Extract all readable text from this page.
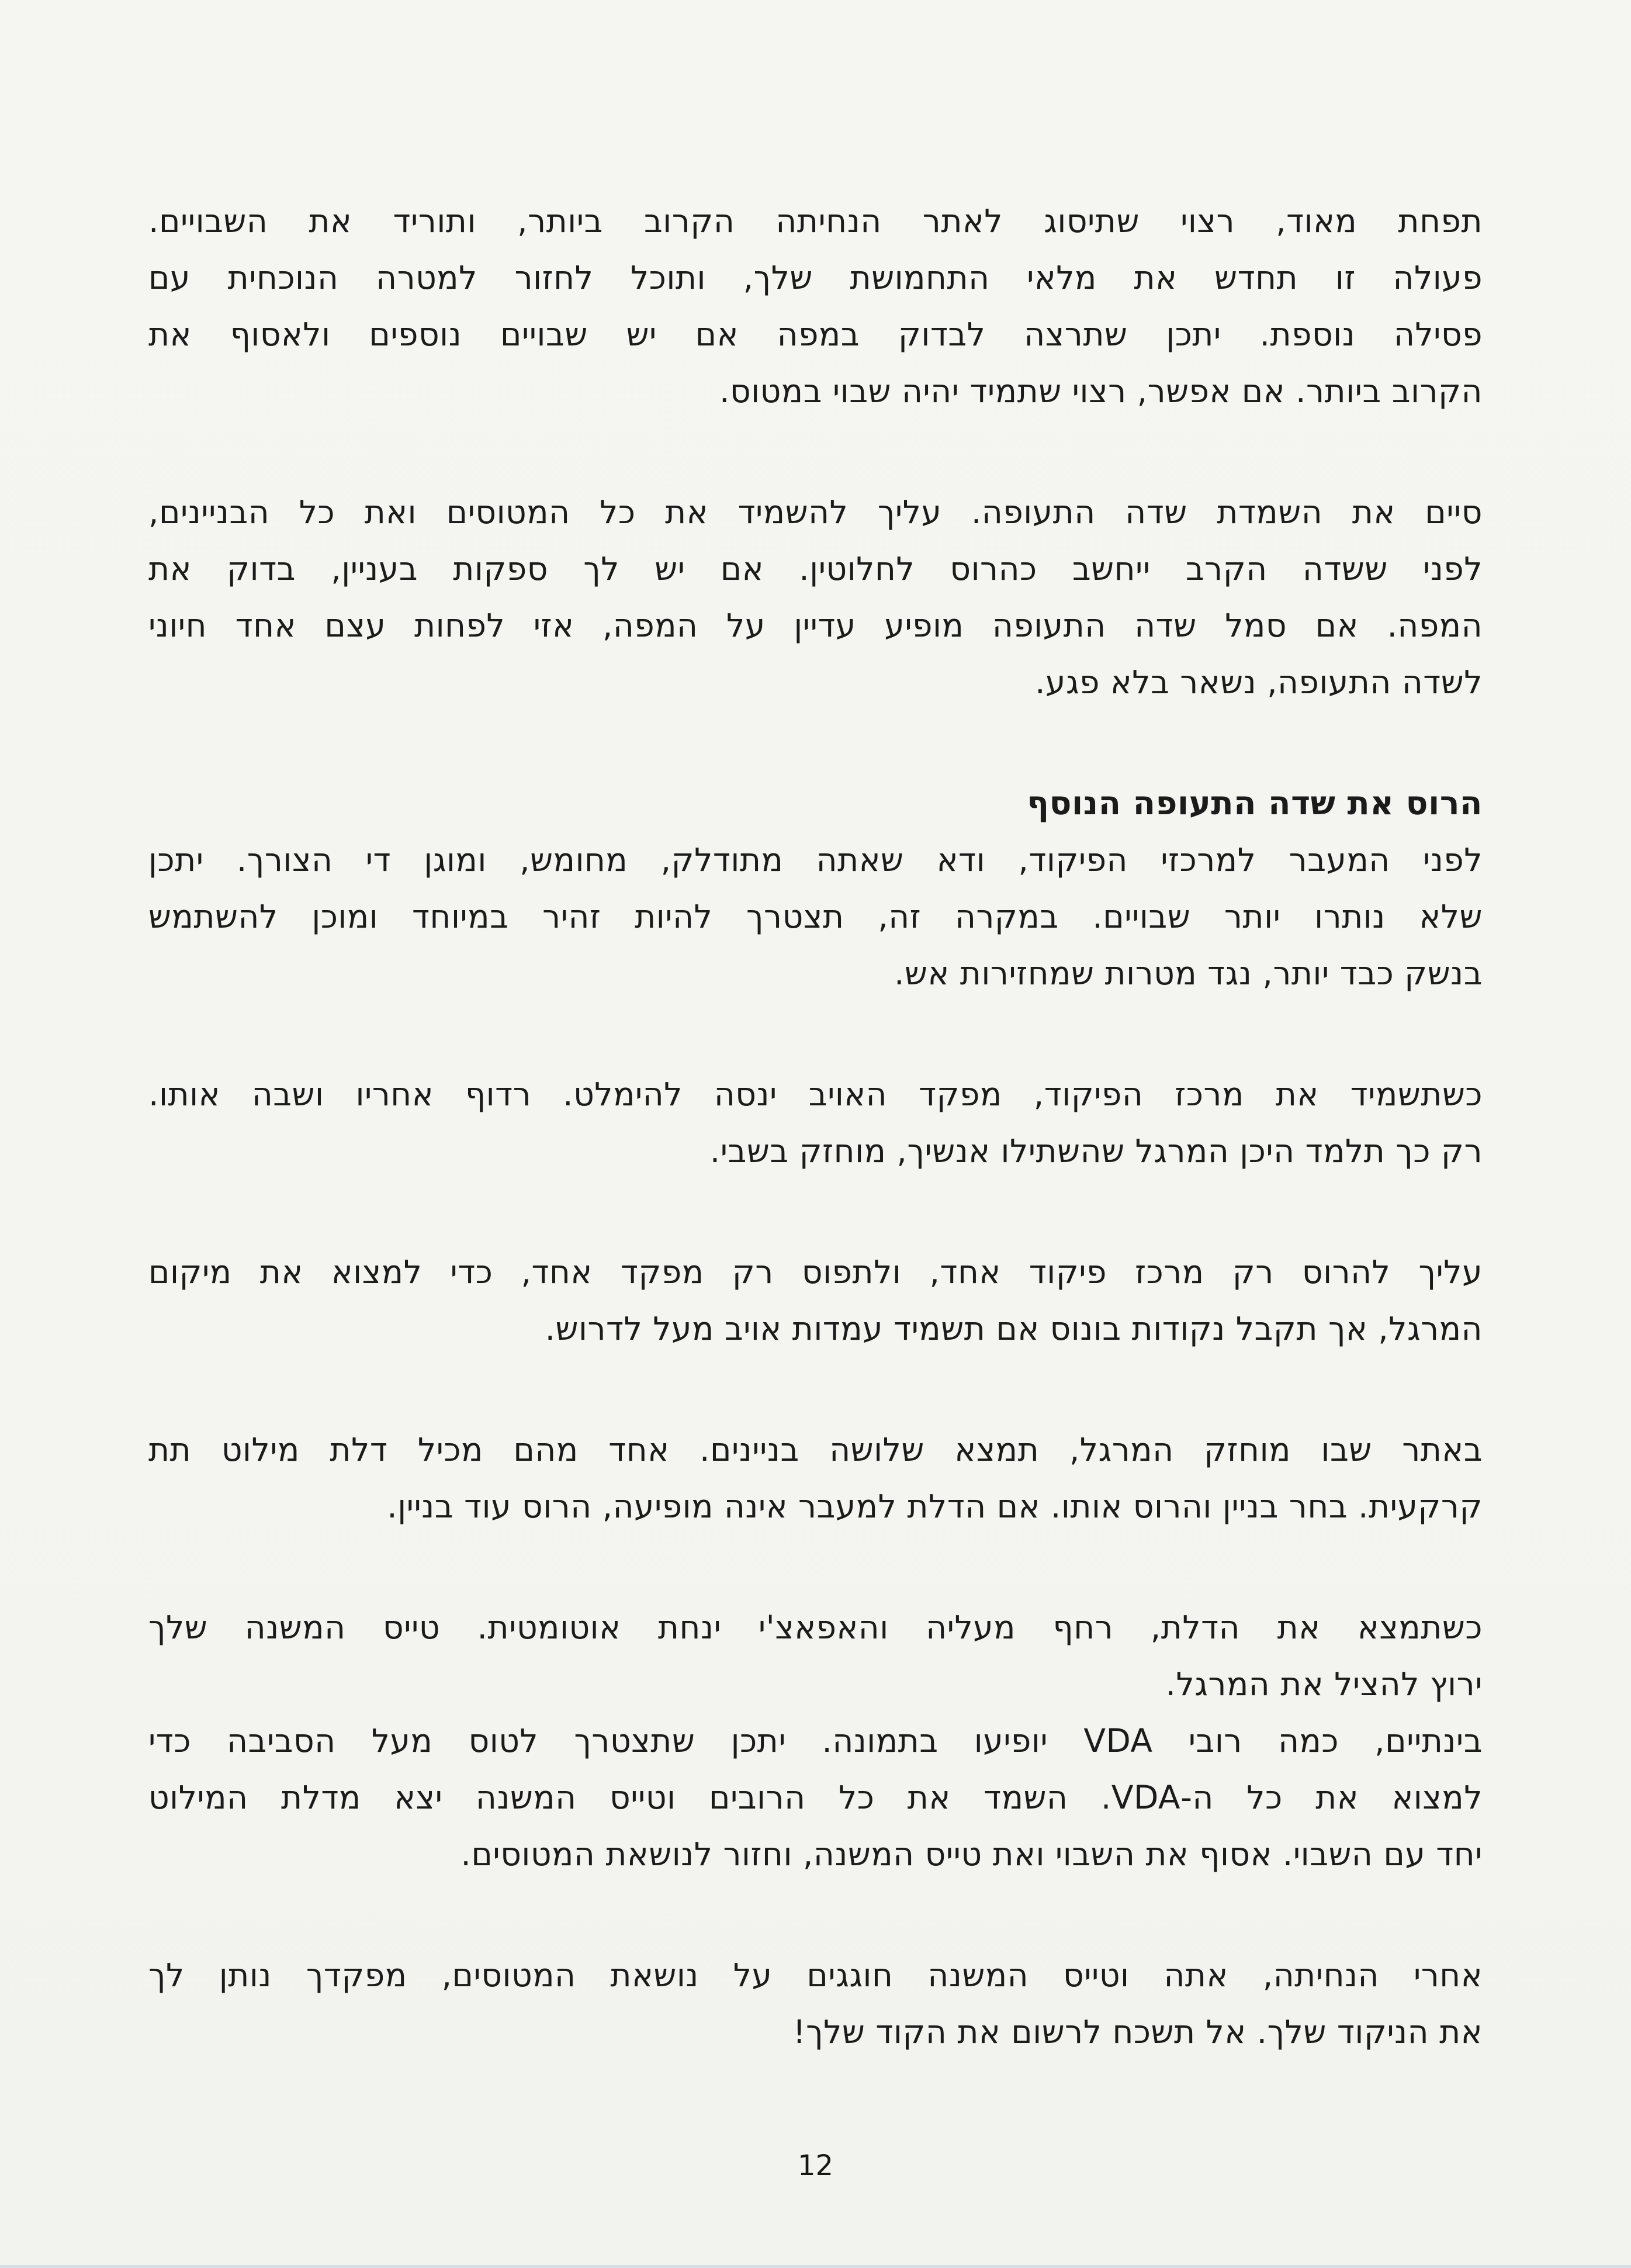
תפחת מאוד, רצוי שתיסוג לאתר הנחיתה הקרוב ביותר, ותוריד את השבויים.
פעולה זו תחדש את מלאי התחמושת שלך, ותוכל לחזור למטרה הנוכחית עם
פסילה נוספת. יתכן שתרצה לבדוק במפה אם יש שבויים נוספים ולאסוף את
הקרוב ביותר. אם אפשר, רצוי שתמיד יהיה שבוי במטוס.
סיים את השמדת שדה התעופה. עליך להשמיד את כל המטוסים ואת כל הבניינים,
לפני ששדה הקרב ייחשב כהרוס לחלוטין. אם יש לך ספקות בעניין, בדוק את
המפה. אם סמל שדה התעופה מופיע עדיין על המפה, אזי לפחות עצם אחד חיוני
לשדה התעופה, נשאר בלא פגע.
הרוס את שדה התעופה הנוסף
לפני המעבר למרכזי הפיקוד, ודא שאתה מתודלק, מחומש, ומוגן די הצורך. יתכן
שלא נותרו יותר שבויים. במקרה זה, תצטרך להיות זהיר במיוחד ומוכן להשתמש
בנשק כבד יותר, נגד מטרות שמחזירות אש.
כשתשמיד את מרכז הפיקוד, מפקד האויב ינסה להימלט. רדוף אחריו ושבה אותו.
רק כך תלמד היכן המרגל שהשתילו אנשיך, מוחזק בשבי.
עליך להרוס רק מרכז פיקוד אחד, ולתפוס רק מפקד אחד, כדי למצוא את מיקום
המרגל, אך תקבל נקודות בונוס אם תשמיד עמדות אויב מעל לדרוש.
באתר שבו מוחזק המרגל, תמצא שלושה בניינים. אחד מהם מכיל דלת מילוט תת
קרקעית. בחר בניין והרוס אותו. אם הדלת למעבר אינה מופיעה, הרוס עוד בניין.
כשתמצא את הדלת, רחף מעליה והאפאצ'י ינחת אוטומטית. טייס המשנה שלך
ירוץ להציל את המרגל.
בינתיים, כמה רובי VDA יופיעו בתמונה. יתכן שתצטרך לטוס מעל הסביבה כדי
למצוא את כל ה-VDA. השמד את כל הרובים וטייס המשנה יצא מדלת המילוט
יחד עם השבוי. אסוף את השבוי ואת טייס המשנה, וחזור לנושאת המטוסים.
אחרי הנחיתה, אתה וטייס המשנה חוגגים על נושאת המטוסים, מפקדך נותן לך
את הניקוד שלך. אל תשכח לרשום את הקוד שלך!
12
